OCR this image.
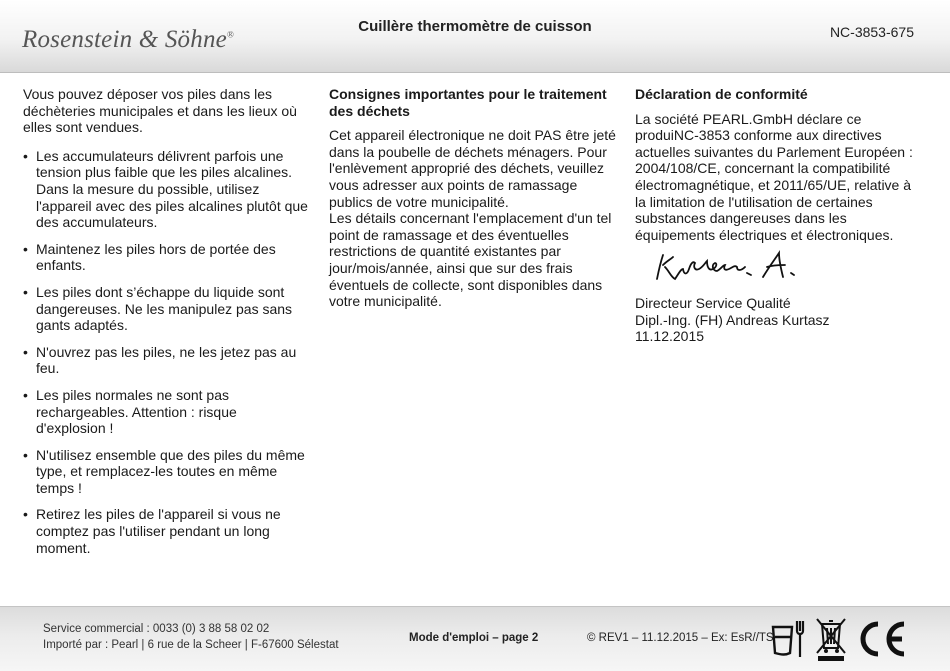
Rosenstein & Söhne®	Cuillère thermomètre de cuisson	NC-3853-675

Vous pouvez déposer vos piles dans les déchèteries municipales et dans les lieux où elles sont vendues.

• Les accumulateurs délivrent parfois une tension plus faible que les piles alcalines. Dans la mesure du possible, utilisez l'appareil avec des piles alcalines plutôt que des accumulateurs.
• Maintenez les piles hors de portée des enfants.
• Les piles dont s’échappe du liquide sont dangereuses. Ne les manipulez pas sans gants adaptés.
• N'ouvrez pas les piles, ne les jetez pas au feu.
• Les piles normales ne sont pas rechargeables. Attention : risque d'explosion !
• N'utilisez ensemble que des piles du même type, et remplacez-les toutes en même temps !
• Retirez les piles de l'appareil si vous ne comptez pas l'utiliser pendant un long moment.
Consignes importantes pour le traitement des déchets

Cet appareil électronique ne doit PAS être jeté dans la poubelle de déchets ménagers. Pour l'enlèvement approprié des déchets, veuillez vous adresser aux points de ramassage publics de votre municipalité.

Les détails concernant l'emplacement d'un tel point de ramassage et des éventuelles restrictions de quantité existantes par jour/mois/année, ainsi que sur des frais éventuels de collecte, sont disponibles dans votre municipalité.

Déclaration de conformité

La société PEARL.GmbH déclare ce produiNC-3853 conforme aux directives actuelles suivantes du Parlement Européen : 2004/108/CE, concernant la compatibilité électromagnétique, et 2011/65/UE, relative à la limitation de l'utilisation de certaines substances dangereuses dans les équipements électriques et électroniques.

Directeur Service Qualité

Dipl.-Ing. (FH) Andreas Kurtasz

11.12.2015

Service commercial : 0033 (0) 3 88 58 02 02
Importé par : Pearl | 6 rue de la Scheer | F-67600 Sélestat
Mode d'emploi – page 2	© REV1 – 11.12.2015 – Ex: EsR//TS
